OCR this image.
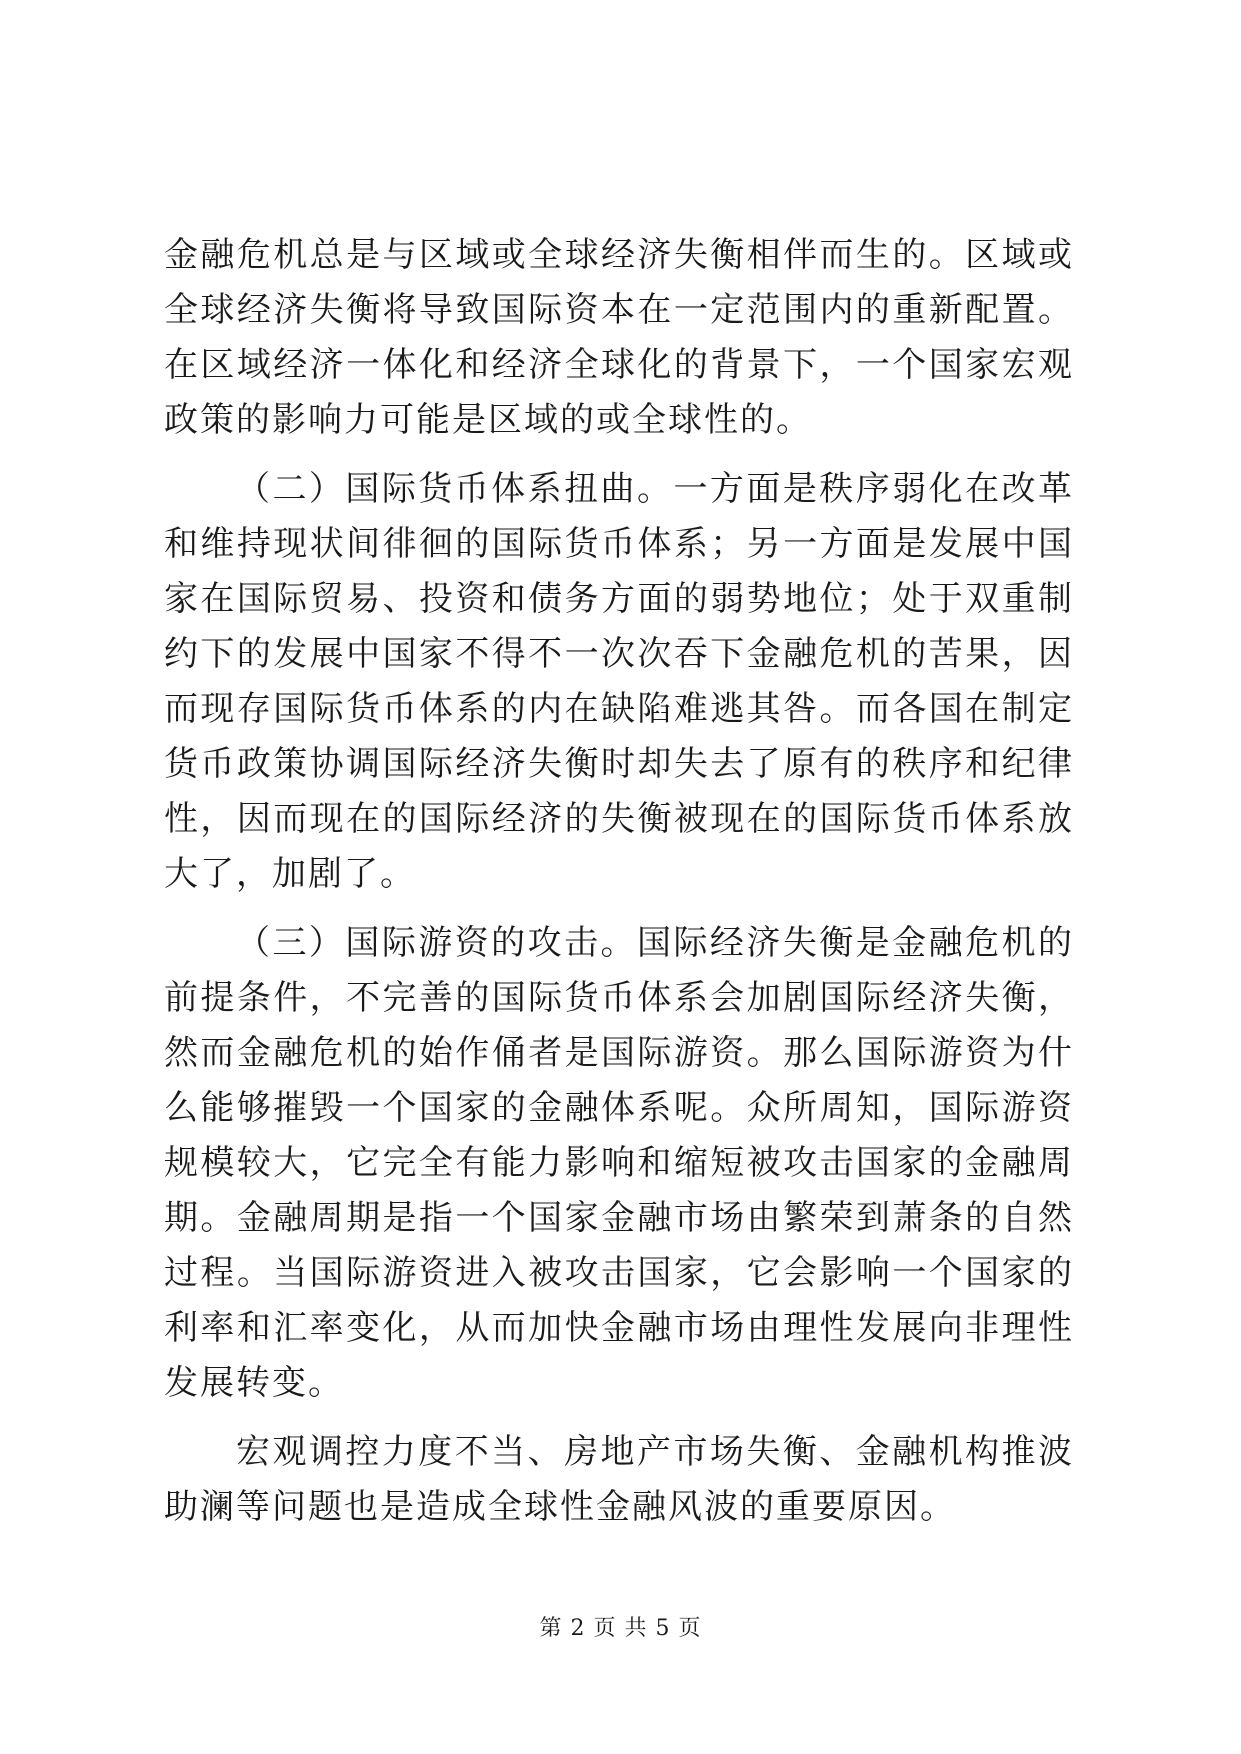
金融危机总是与区域或全球经济失衡相伴而生的。区域或全球经济失衡将导致国际资本在一定范围内的重新配置。在区域经济一体化和经济全球化的背景下，一个国家宏观政策的影响力可能是区域的或全球性的。

（二）国际货币体系扭曲。一方面是秩序弱化在改革和维持现状间徘徊的国际货币体系；另一方面是发展中国家在国际贸易、投资和债务方面的弱势地位；处于双重制约下的发展中国家不得不一次次吞下金融危机的苦果，因而现存国际货币体系的内在缺陷难逃其咎。而各国在制定货币政策协调国际经济失衡时却失去了原有的秩序和纪律性，因而现在的国际经济的失衡被现在的国际货币体系放大了，加剧了。

（三）国际游资的攻击。国际经济失衡是金融危机的前提条件，不完善的国际货币体系会加剧国际经济失衡，然而金融危机的始作俑者是国际游资。那么国际游资为什么能够摧毁一个国家的金融体系呢。众所周知，国际游资规模较大，它完全有能力影响和缩短被攻击国家的金融周期。金融周期是指一个国家金融市场由繁荣到萧条的自然过程。当国际游资进入被攻击国家，它会影响一个国家的利率和汇率变化，从而加快金融市场由理性发展向非理性发展转变。

宏观调控力度不当、房地产市场失衡、金融机构推波助澜等问题也是造成全球性金融风波的重要原因。

第 2 页 共 5 页
